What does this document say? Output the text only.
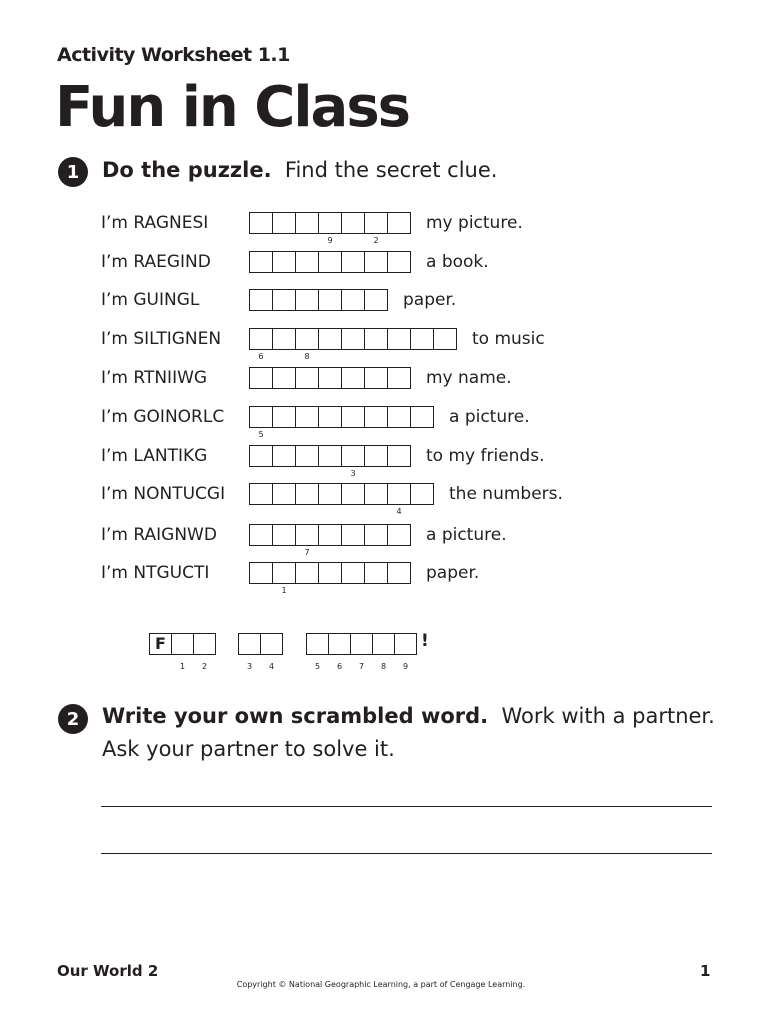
Activity Worksheet 1.1
Fun in Class
1	Do the puzzle. Find the secret clue.
I’m RAGNESI
9	2
my picture.
I’m RAEGIND	a book.
I’m GUINGL	paper.
I’m SILTIGNEN
6	8
to music
I’m RTNIIWG	my name.
I’m GOINORLC
5
a picture.
I’m LANTIKG
3
to my friends.
I’m NONTUCGI
4
the numbers.
I’m RAIGNWD
7
a picture.
I’m NTGUCTI
1
paper.
F
1	2	3	4	5	6	7	8	9
!
2	Write your own scrambled word. Work with a partner.
Ask your partner to solve it.
Our World 2	1
Copyright © National Geographic Learning, a part of Cengage Learning.
